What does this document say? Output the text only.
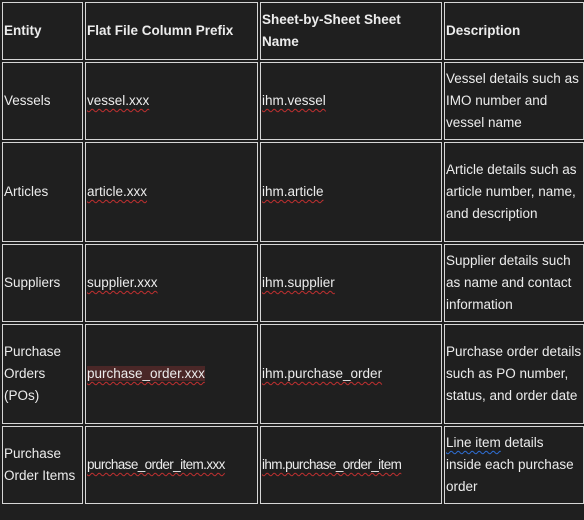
Entity	Flat File Column Prefix	Sheet-by-Sheet Sheet Name	Description
Vessels	vessel.xxx	ihm.vessel	Vessel details such as IMO number and vessel name
Articles	article.xxx	ihm.article	Article details such as article number, name, and description
Suppliers	supplier.xxx	ihm.supplier	Supplier details such as name and contact information
Purchase Orders (POs)	purchase_order.xxx	ihm.purchase_order	Purchase order details such as PO number, status, and order date
Purchase Order Items	purchase_order_item.xxx	ihm.purchase_order_item	Line item details inside each purchase order
